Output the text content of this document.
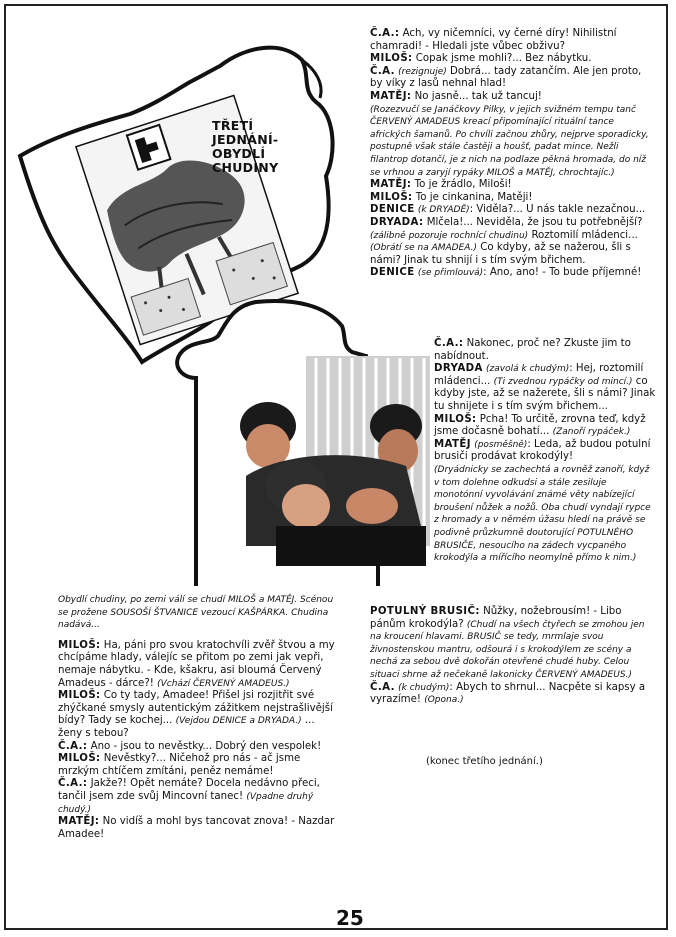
TŘETÍ
JEDNÁNÍ-
OBYDLÍ
CHUDINY

Č.A.: Ach, vy ničemníci, vy černé díry! Nihilistní chamradi! - Hledali jste vůbec obživu?

MILOŠ: Copak jsme mohli?... Bez nábytku.

Č.A. (rezignuje) Dobrá... tady zatančím. Ale jen proto, by víky z lasů nehnal hlad!

MATĚJ: No jasně... tak už tancuj!

(Rozezvučí se Janáčkovy Pilky, v jejich svižném tempu tanč ČERVENÝ AMADEUS kreací připomínající rituální tance afrických šamanů. Po chvíli začnou zhůry, nejprve sporadicky, postupně však stále častěji a houšť, padat mince. Nežli filantrop dotančí, je z nich na podlaze pěkná hromada, do níž se vrhnou a zaryjí rypáky MILOŠ a MATĚJ, chrochtajíc.)

MATĚJ: To je žrádlo, Miloši!

MILOŠ: To je cinkanina, Matěji!

DENICE (k DRYADĚ): Viděla?... U nás takle nezačnou...

DRYADA: Mlčela!... Neviděla, že jsou tu potřebnější? (zálibně pozoruje rochnící chudinu) Roztomilí mládenci... (Obrátí se na AMADEA.) Co kdyby, až se nažerou, šli s námi? Jinak tu shnijí i s tím svým břichem.

DENICE (se přimlouvá): Ano, ano! - To bude příjemné!

Č.A.: Nakonec, proč ne? Zkuste jim to nabídnout.

DRYADA (zavolá k chudým): Hej, roztomilí mládenci... (Ti zvednou rypáčky od mincí.) co kdyby jste, až se nažerete, šli s námi? Jinak tu shnijete i s tím svým břichem...

MILOŠ: Pcha! To určitě, zrovna teď, když jsme dočasně bohatí... (Zanoří rypáček.)

MATĚJ (posměšně): Leda, až budou potulní brusiči prodávat krokodýly!

(Dryádnicky se zachechtá a rovněž zanoří, když v tom dolehne odkudsi a stále zesiluje monotónní vyvolávání známé věty nabízející broušení nůžek a nožů. Oba chudí vyndají rypce z hromady a v němém úžasu hledí na právě se podivně průzkumně doutorující POTULNÉHO BRUSIČE, nesoucího na zádech vycpaného krokodýla a mířícího neomylně přímo k nim.)

POTULNÝ BRUSIČ: Nůžky, nožebrousím! - Libo pánům krokodýla? (Chudí na všech čtyřech se zmohou jen na kroucení hlavami. BRUSIČ se tedy, mrmlaje svou živnostenskou mantru, odšourá i s krokodýlem ze scény a nechá za sebou dvě dokořán otevřené chudé huby. Celou situaci shrne až nečekaně lakonicky ČERVENÝ AMADEUS.)

Č.A. (k chudým): Abych to shrnul... Nacpěte si kapsy a vyrazíme! (Opona.)

(konec třetího jednání.)

Obydlí chudiny, po zemi válí se chudí MILOŠ a MATĚJ. Scénou se prožene SOUSOŠÍ ŠTVANICE vezoucí KAŠPÁRKA. Chudina nadává...

MILOŠ: Ha, páni pro svou kratochvíli zvěř štvou a my chcípáme hlady, válejíc se přitom po zemi jak vepři, nemaje nábytku. - Kde, kšakru, asi bloumá Červený Amadeus - dárce?! (Vchází ČERVENÝ AMADEUS.)

MILOŠ: Co ty tady, Amadee! Přišel jsi rozjitřit své zhýčkané smysly autentickým zážitkem nejstrašlivější bídy? Tady se kochej... (Vejdou DENICE a DRYADA.) ... ženy s tebou?

Č.A.: Ano - jsou to nevěstky... Dobrý den vespolek!

MILOŠ: Nevěstky?... Ničehož pro nás - ač jsme mrzkým chtíčem zmítáni, peněz nemáme!

Č.A.: Jakže?! Opět nemáte? Docela nedávno přeci, tančil jsem zde svůj Mincovní tanec! (Vpadne druhý chudý.)

MATĚJ: No vidíš a mohl bys tancovat znova! - Nazdar Amadee!

25
